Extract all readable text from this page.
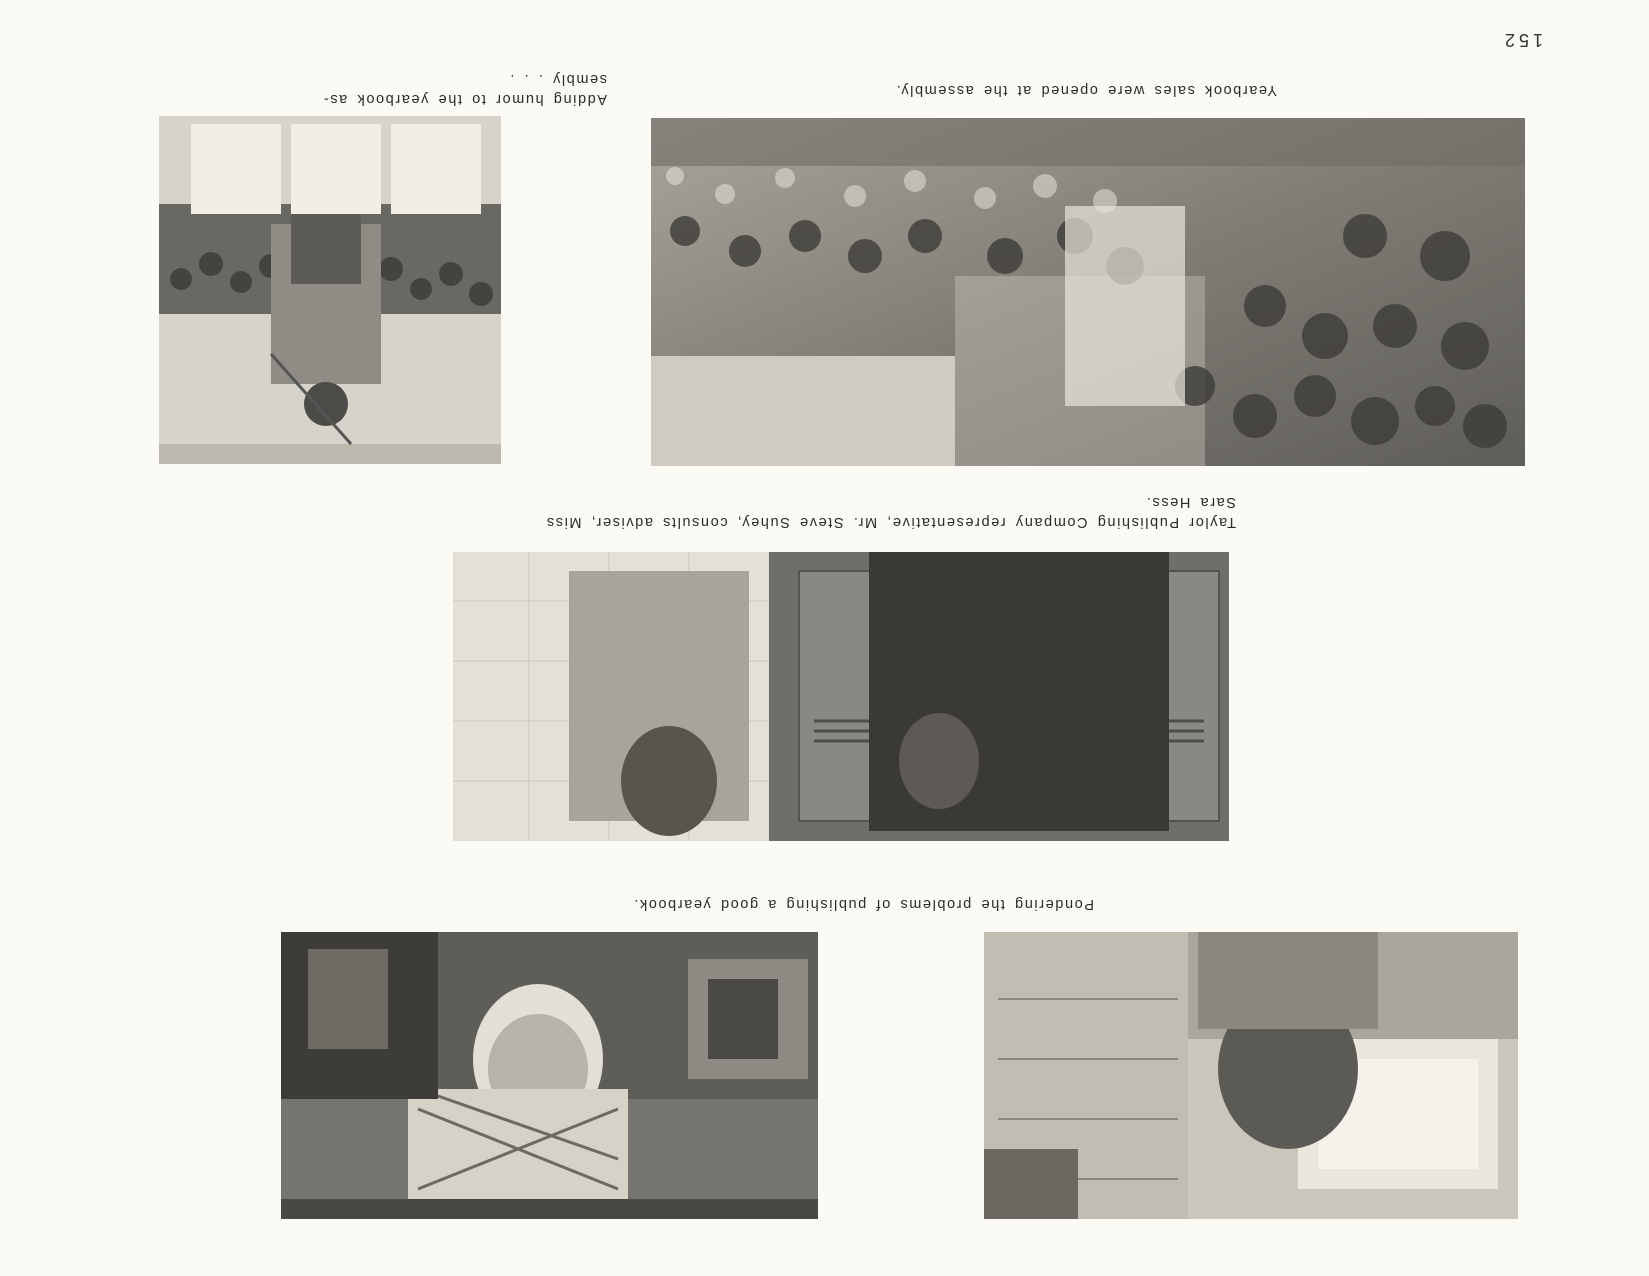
152
Yearbook sales were opened at the assembly.
Adding humor to the yearbook as-
sembly . . .
Taylor Publishing Company representative, Mr. Steve Suhey, consults adviser, Miss
Sara Hess.
Pondering the problems of publishing a good yearbook.
